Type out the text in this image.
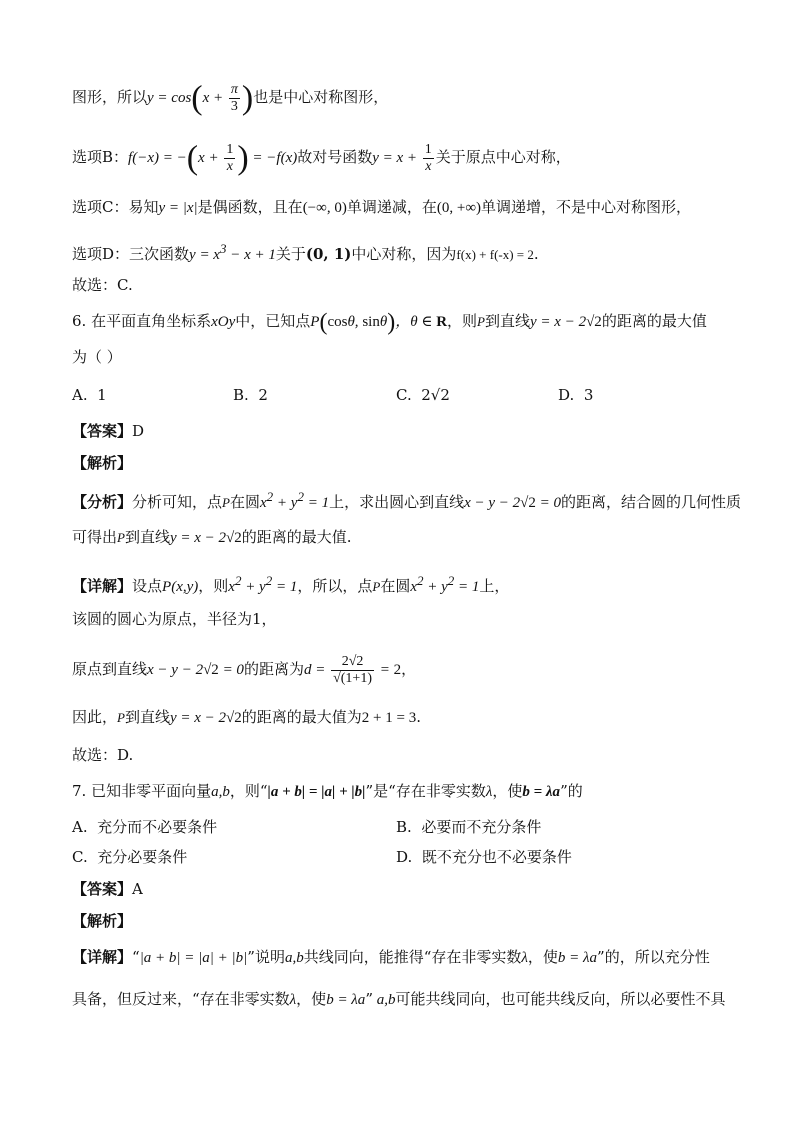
图形，所以$y = \cos(x + \frac{\pi}{3}$ )也是中心对称图形，
选项B：$f(-x) = -(x + \frac{1}{x}$ ) = −f(x)故对号函数$y = x + \frac{1}{x}$ 关于原点中心对称，
选项C：易知y = |x|是偶函数，且在(−∞, 0)单调递减，在(0, +∞)单调递增，不是中心对称图形，
选项D：三次函数$y = x^3 - x + 1$关于(0, 1)中心对称，因为f(x) + f(-x) = 2.
故选：C.
6. 在平面直角坐标系xOy中，已知点P(cosθ, sinθ)，θ ∈ R，则P到直线y = x − 2√2的距离的最大值
为（ ）
A. 1	B. 2	C. 2√2	D. 3
【答案】D
【解析】
【分析】分析可知，点P在圆$x^2 + y^2 = 1$上，求出圆心到直线x − y − 2√2 = 0的距离，结合圆的几何性质
可得出P到直线y = x − 2√2的距离的最大值.
【详解】设点P(x,y)，则$x^2 + y^2 = 1$，所以，点P在圆$x^2 + y^2 = 1$上，
该圆的圆心为原点，半径为1，
原点到直线x − y − 2√2 = 0的距离为$d = \frac{2√2}{√(1+1)} = 2$，
因此，P到直线y = x − 2√2的距离的最大值为2 + 1 = 3.
故选：D.
7. 已知非零平面向量a,b，则“|a + b| = |a| + |b|”是“存在非零实数λ，使b = λa”的
A. 充分而不必要条件	B. 必要而不充分条件
C. 充分必要条件	D. 既不充分也不必要条件
【答案】A
【解析】
【详解】“|a + b| = |a| + |b|”说明a,b共线同向，能推得“存在非零实数λ，使b = λa”的，所以充分性
具备，但反过来，“存在非零实数λ，使b = λa” a,b可能共线同向，也可能共线反向，所以必要性不具
